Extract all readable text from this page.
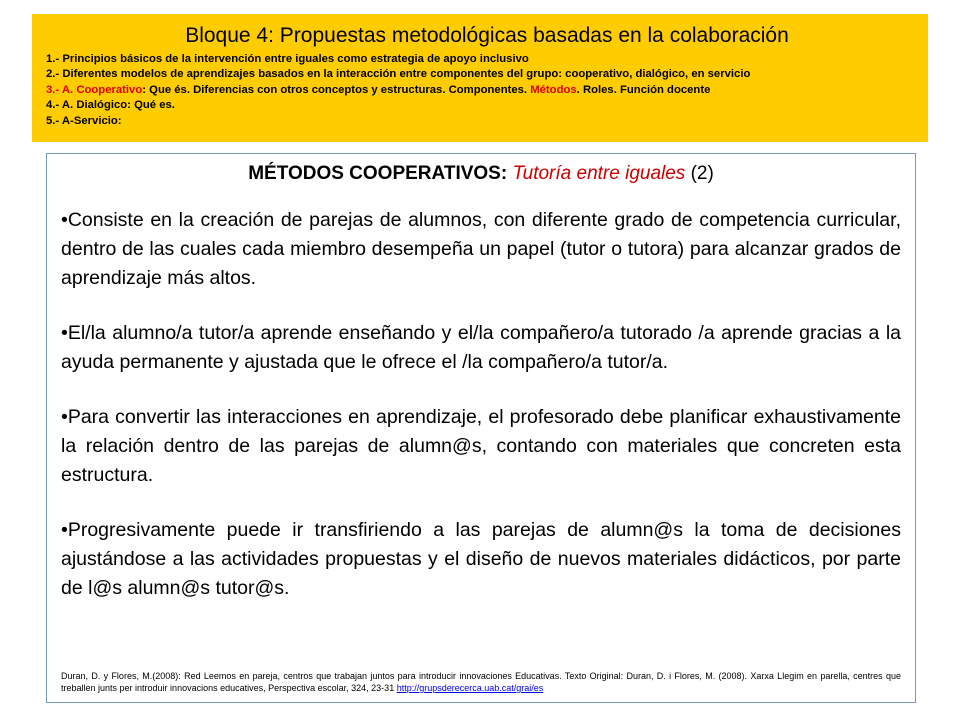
Bloque 4: Propuestas metodológicas basadas en la colaboración
1.- Principios básicos de la intervención entre iguales como estrategia de apoyo inclusivo
2.- Diferentes modelos de aprendizajes basados en la interacción entre componentes del grupo: cooperativo, dialógico, en servicio
3.- A. Cooperativo: Que és. Diferencias con otros conceptos y estructuras. Componentes. Métodos. Roles. Función docente
4.- A. Dialógico: Qué es.
5.- A-Servicio:
MÉTODOS COOPERATIVOS: Tutoría entre iguales (2)

•Consiste en la creación de parejas de alumnos, con diferente grado de competencia curricular, dentro de las cuales cada miembro desempeña un papel (tutor o tutora) para alcanzar grados de aprendizaje más altos.

•El/la alumno/a tutor/a aprende enseñando y el/la compañero/a tutorado /a aprende gracias a la ayuda permanente y ajustada que le ofrece el /la compañero/a tutor/a.

•Para convertir las interacciones en aprendizaje, el profesorado debe planificar exhaustivamente la relación dentro de las parejas de alumn@s, contando con materiales que concreten esta estructura.

•Progresivamente puede ir transfiriendo a las parejas de alumn@s la toma de decisiones ajustándose a las actividades propuestas y el diseño de nuevos materiales didácticos, por parte de l@s alumn@s tutor@s.

Duran, D. y Flores, M.(2008): Red Leemos en pareja, centros que trabajan juntos para introducir innovaciones Educativas. Texto Original: Duran, D. i Flores, M. (2008). Xarxa Llegim en parella, centres que treballen junts per introduir innovacions educatives, Perspectiva escolar, 324, 23-31 http://grupsderecerca.uab.cat/grai/es
